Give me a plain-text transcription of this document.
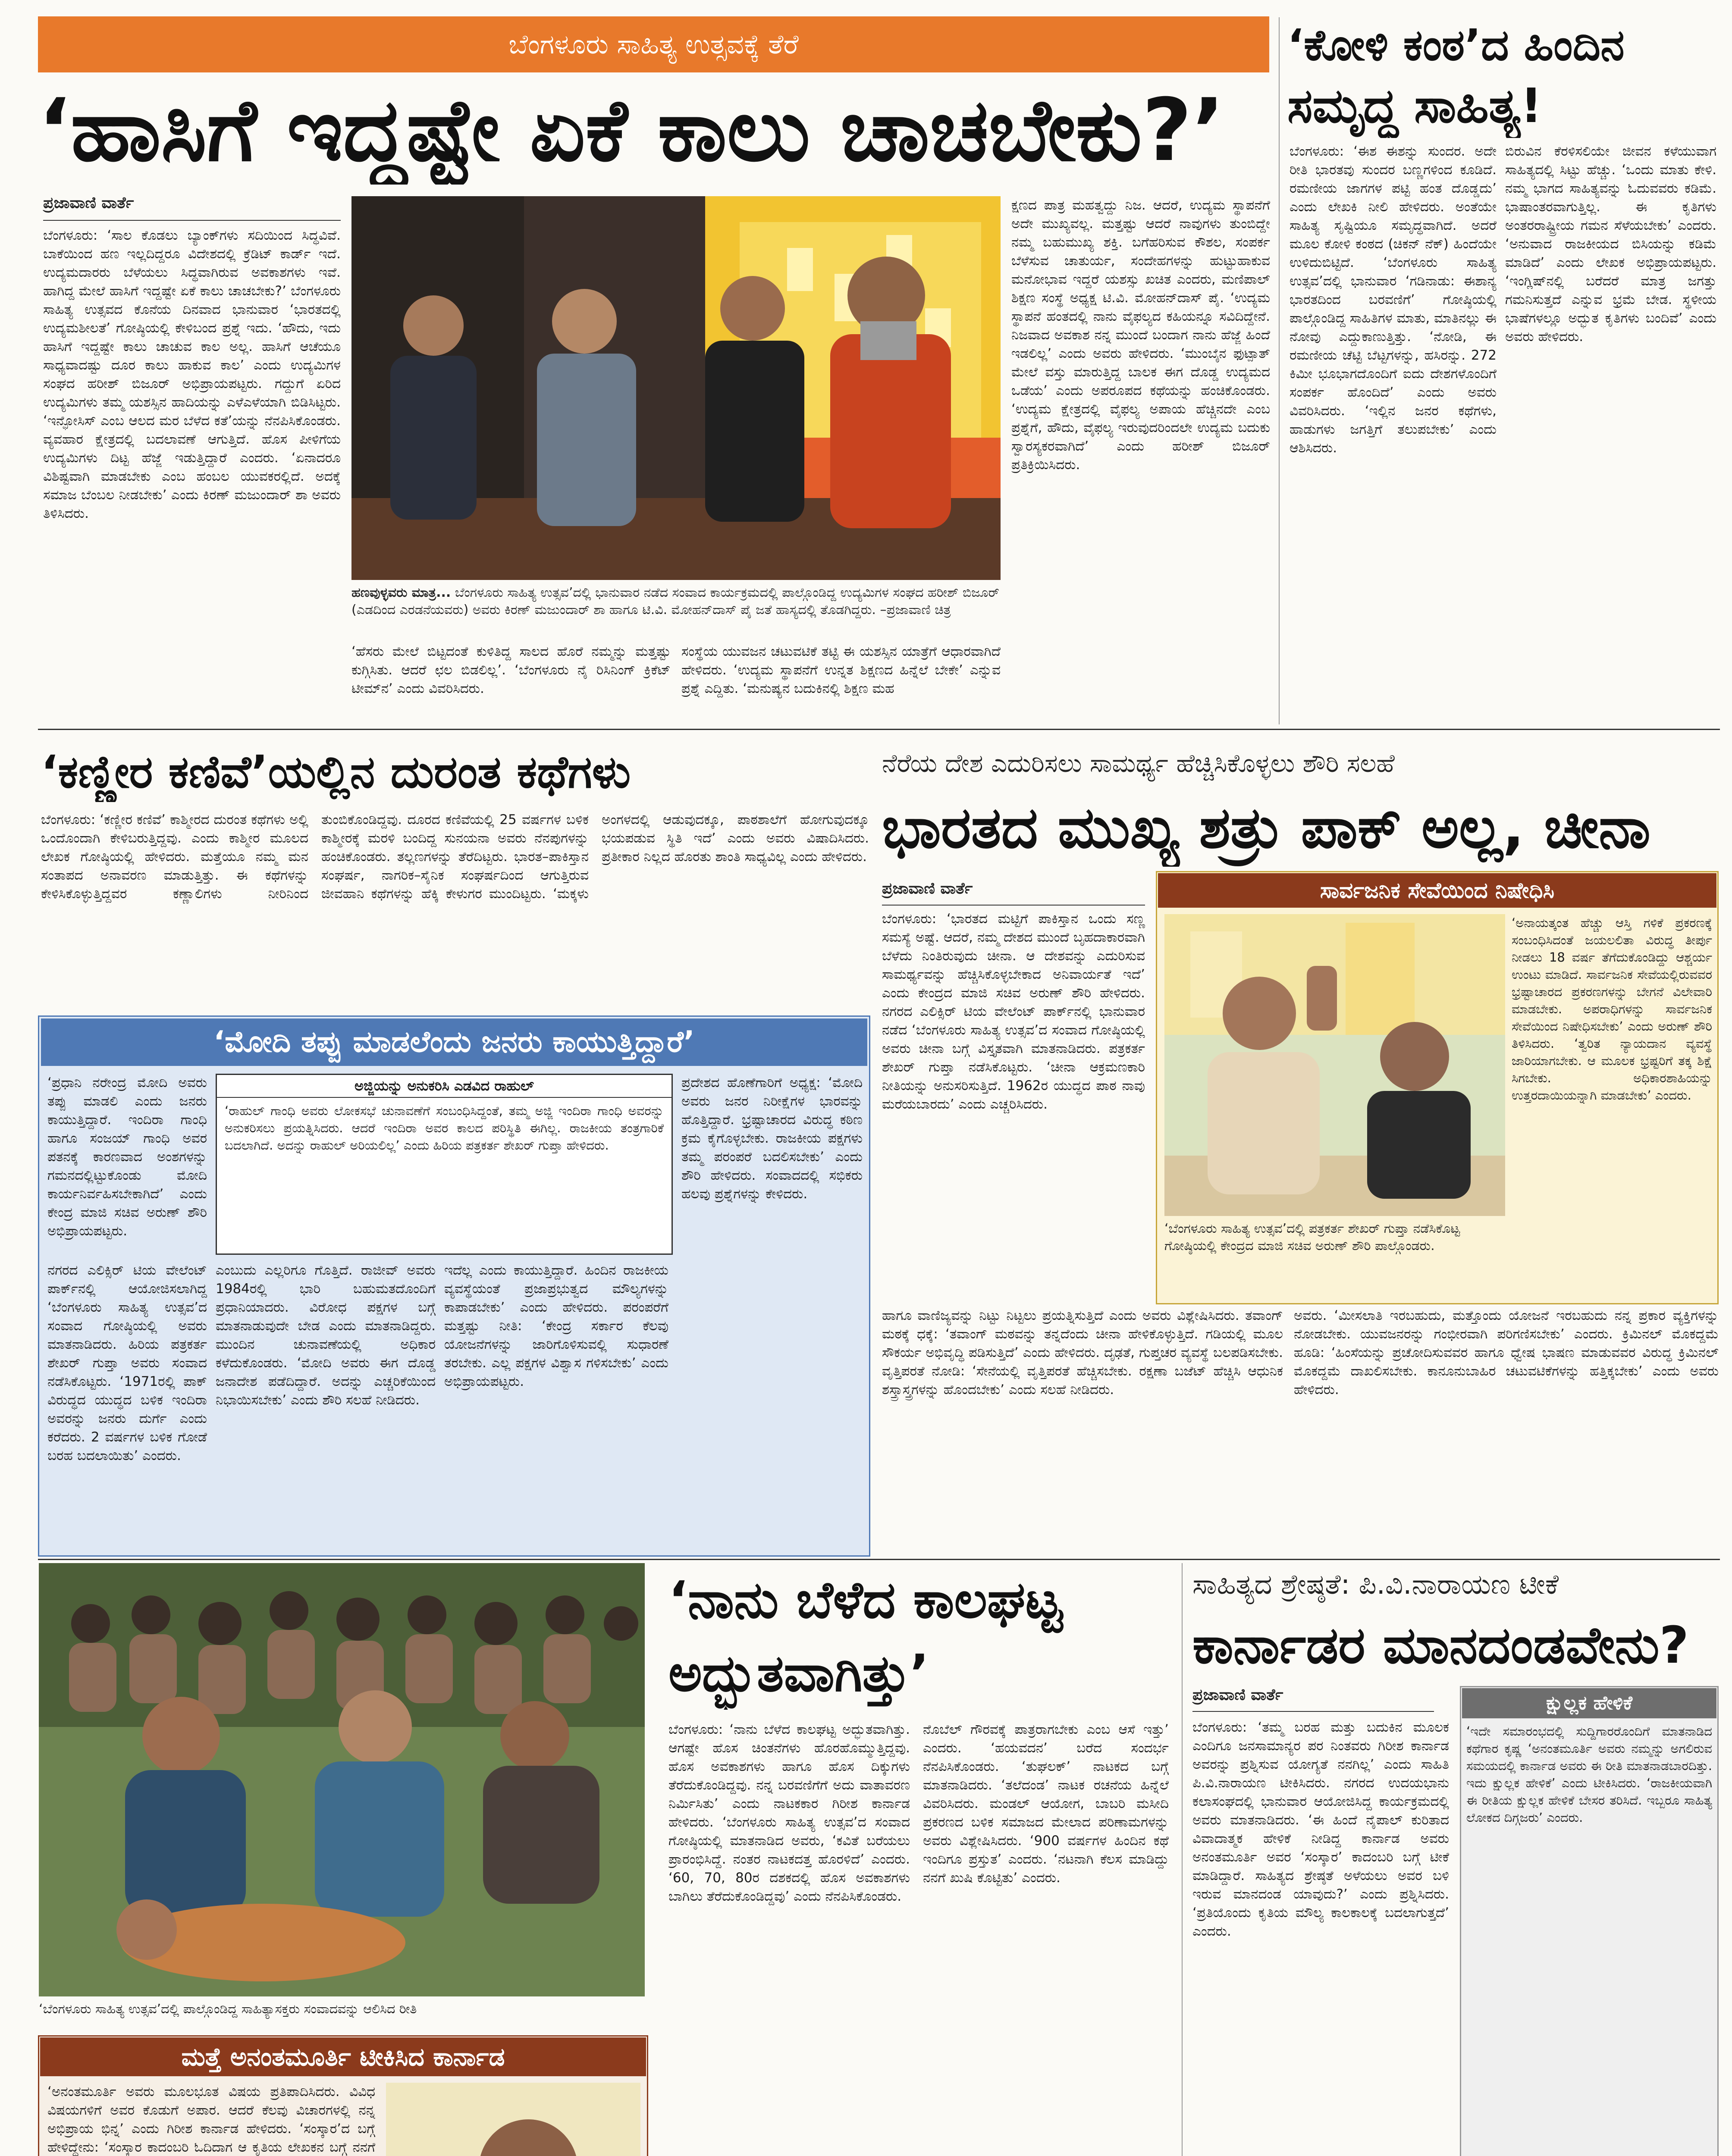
ಬೆಂಗಳೂರು ಸಾಹಿತ್ಯ ಉತ್ಸವಕ್ಕೆ ತೆರೆ
‘ಹಾಸಿಗೆ ಇದ್ದಷ್ಟೇ ಏಕೆ ಕಾಲು ಚಾಚಬೇಕು?’
ಪ್ರಜಾವಾಣಿ ವಾರ್ತೆ
ಬೆಂಗಳೂರು: ‘ಸಾಲ ಕೊಡಲು ಬ್ಯಾಂಕ್‌ಗಳು ಸದಿಯಿಂದ ಸಿದ್ಧವಿವೆ. ಬಾಕೆಯಿಂದ ಹಣ ಇಲ್ಲದಿದ್ದರೂ ವಿದೇಶದಲ್ಲಿ ಕ್ರೆಡಿಟ್ ಕಾರ್ಡ್ ಇದೆ. ಉದ್ಯಮದಾರರು ಬೆಳೆಯಲು ಸಿದ್ಧವಾಗಿರುವ ಅವಕಾಶಗಳು ಇವೆ. ಹಾಗಿದ್ದ ಮೇಲೆ ಹಾಸಿಗೆ ಇದ್ದಷ್ಟೇ ಏಕೆ ಕಾಲು ಚಾಚಬೇಕು?’ ಬೆಂಗಳೂರು ಸಾಹಿತ್ಯ ಉತ್ಸವದ ಕೊನೆಯ ದಿನವಾದ ಭಾನುವಾರ ‘ಭಾರತದಲ್ಲಿ ಉದ್ಯಮಶೀಲತೆ’ ಗೋಷ್ಠಿಯಲ್ಲಿ ಕೇಳಿಬಂದ ಪ್ರಶ್ನೆ ಇದು. ‘ಹೌದು, ಇದು ಹಾಸಿಗೆ ಇದ್ದಷ್ಟೇ ಕಾಲು ಚಾಚುವ ಕಾಲ ಅಲ್ಲ. ಹಾಸಿಗೆ ಆಚೆಯೂ ಸಾಧ್ಯವಾದಷ್ಟು ದೂರ ಕಾಲು ಹಾಕುವ ಕಾಲ’ ಎಂದು ಉದ್ಯಮಿಗಳ ಸಂಘದ ಹರೀಶ್ ಬಿಜೂರ್ ಅಭಿಪ್ರಾಯಪಟ್ಟರು. ಗದ್ದುಗೆ ಏರಿದ ಉದ್ಯಮಿಗಳು ತಮ್ಮ ಯಶಸ್ಸಿನ ಹಾದಿಯನ್ನು ಎಳೆಎಳೆಯಾಗಿ ಬಿಡಿಸಿಟ್ಟರು. ‘ಇನ್ಫೋಸಿಸ್ ಎಂಬ ಆಲದ ಮರ ಬೆಳೆದ ಕತೆ’ಯನ್ನು ನೆನಪಿಸಿಕೊಂಡರು. ವ್ಯವಹಾರ ಕ್ಷೇತ್ರದಲ್ಲಿ ಬದಲಾವಣೆ ಆಗುತ್ತಿದೆ. ಹೊಸ ಪೀಳಿಗೆಯ ಉದ್ಯಮಿಗಳು ದಿಟ್ಟ ಹೆಜ್ಜೆ ಇಡುತ್ತಿದ್ದಾರೆ ಎಂದರು. ‘ಏನಾದರೂ ವಿಶಿಷ್ಟವಾಗಿ ಮಾಡಬೇಕು ಎಂಬ ಹಂಬಲ ಯುವಕರಲ್ಲಿದೆ. ಅದಕ್ಕೆ ಸಮಾಜ ಬೆಂಬಲ ನೀಡಬೇಕು’ ಎಂದು ಕಿರಣ್ ಮಜುಂದಾರ್ ಶಾ ಅವರು ತಿಳಿಸಿದರು.
ಹಣವುಳ್ಳವರು ಮಾತ್ರ... ಬೆಂಗಳೂರು ಸಾಹಿತ್ಯ ಉತ್ಸವ’ದಲ್ಲಿ ಭಾನುವಾರ ನಡೆದ ಸಂವಾದ ಕಾರ್ಯಕ್ರಮದಲ್ಲಿ ಪಾಲ್ಗೊಂಡಿದ್ದ ಉದ್ಯಮಿಗಳ ಸಂಘದ ಹರೀಶ್ ಬಿಜೂರ್ (ಎಡದಿಂದ ಎರಡನೆಯವರು) ಅವರು ಕಿರಣ್ ಮಜುಂದಾರ್ ಶಾ ಹಾಗೂ ಟಿ.ವಿ. ಮೋಹನ್‌ದಾಸ್ ಪೈ ಜತೆ ಹಾಸ್ಯದಲ್ಲಿ ತೊಡಗಿದ್ದರು. –ಪ್ರಜಾವಾಣಿ ಚಿತ್ರ
‘ಹೆಸರು ಮೇಲೆ ಬಿಟ್ಟದಂತೆ ಕುಳಿತಿದ್ದ ಸಾಲದ ಹೊರೆ ನಮ್ಮನ್ನು ಮತ್ತಷ್ಟು ಕುಗ್ಗಿಸಿತು. ಆದರೆ ಛಲ ಬಿಡಲಿಲ್ಲ’. ‘ಬೆಂಗಳೂರು ನೈ ರಿಸಿನಿಂಗ್ ಕ್ರಿಕೆಟ್ ಟೀಮ್‌ನ’ ಎಂದು ವಿವರಿಸಿದರು.
ಸಂಸ್ಥೆಯ ಯುವಜನ ಚಟುವಟಿಕೆ ತಟ್ಟಿ ಈ ಯಶಸ್ಸಿನ ಯಾತ್ರೆಗೆ ಆಧಾರವಾಗಿದೆ ಹೇಳಿದರು. ‘ಉದ್ಯಮ ಸ್ಥಾಪನೆಗೆ ಉನ್ನತ ಶಿಕ್ಷಣದ ಹಿನ್ನೆಲೆ ಬೇಕೇ’ ಎನ್ನುವ ಪ್ರಶ್ನೆ ಎದ್ದಿತು. ‘ಮನುಷ್ಯನ ಬದುಕಿನಲ್ಲಿ ಶಿಕ್ಷಣ ಮಹ
ಕ್ಷಣದ ಪಾತ್ರ ಮಹತ್ವದ್ದು ನಿಜ. ಆದರೆ, ಉದ್ಯಮ ಸ್ಥಾಪನೆಗೆ ಅದೇ ಮುಖ್ಯವಲ್ಲ. ಮತ್ತಷ್ಟು ಆದರೆ ನಾವುಗಳು ತುಂಬಿದ್ದೇ ನಮ್ಮ ಬಹುಮುಖ್ಯ ಶಕ್ತಿ. ಬಗೆಹರಿಸುವ ಕೌಶಲ, ಸಂಪರ್ಕ ಬೆಳೆಸುವ ಚಾತುರ್ಯ, ಸಂದೇಹಗಳನ್ನು ಹುಟ್ಟುಹಾಕುವ ಮನೋಭಾವ ಇದ್ದರೆ ಯಶಸ್ಸು ಖಚಿತ ಎಂದರು, ಮಣಿಪಾಲ್ ಶಿಕ್ಷಣ ಸಂಸ್ಥೆ ಅಧ್ಯಕ್ಷ ಟಿ.ವಿ. ಮೋಹನ್‌ದಾಸ್ ಪೈ. ‘ಉದ್ಯಮ ಸ್ಥಾಪನೆ ಹಂತದಲ್ಲಿ ನಾನು ವೈಫಲ್ಯದ ಕಹಿಯನ್ನೂ ಸವಿದಿದ್ದೇನೆ. ನಿಜವಾದ ಅವಕಾಶ ನನ್ನ ಮುಂದೆ ಬಂದಾಗ ನಾನು ಹೆಜ್ಜೆ ಹಿಂದೆ ಇಡಲಿಲ್ಲ’ ಎಂದು ಅವರು ಹೇಳಿದರು. ‘ಮುಂಬೈನ ಫುಟ್ಪಾತ್ ಮೇಲೆ ವಸ್ತು ಮಾರುತ್ತಿದ್ದ ಬಾಲಕ ಈಗ ದೊಡ್ಡ ಉದ್ಯಮದ ಒಡೆಯ’ ಎಂದು ಅಪರೂಪದ ಕಥೆಯನ್ನು ಹಂಚಿಕೊಂಡರು. ‘ಉದ್ಯಮ ಕ್ಷೇತ್ರದಲ್ಲಿ ವೈಫಲ್ಯ ಅಪಾಯ ಹೆಚ್ಚಿನದೇ ಎಂಬ ಪ್ರಶ್ನೆಗೆ, ಹೌದು, ವೈಫಲ್ಯ ಇರುವುದರಿಂದಲೇ ಉದ್ಯಮ ಬದುಕು ಸ್ವಾರಸ್ಯಕರವಾಗಿದೆ’ ಎಂದು ಹರೀಶ್ ಬಿಜೂರ್ ಪ್ರತಿಕ್ರಿಯಿಸಿದರು.
‘ಕೋಳಿ ಕಂಠ’ದ ಹಿಂದಿನ
ಸಮೃದ್ಧ ಸಾಹಿತ್ಯ!
ಬೆಂಗಳೂರು: ‘ಈಶ ಈಶನ್ನು ಸುಂದರ. ಅದೇ ರೀತಿ ಭಾರತವು ಸುಂದರ ಬಣ್ಣಗಳಿಂದ ಕೂಡಿದೆ. ರಮಣೀಯ ಜಾಗಗಳ ಪಟ್ಟಿ ಹಂತ ದೊಡ್ಡದು’ ಎಂದು ಲೇಖಕಿ ನೀಲಿ ಹೇಳಿದರು. ಅಂತೆಯೇ ಸಾಹಿತ್ಯ ಸೃಷ್ಟಿಯೂ ಸಮೃದ್ಧವಾಗಿದೆ. ಅದರೆ ಮೂಲ ಕೋಳಿ ಕಂಠದ (ಚಿಕನ್ ನೆಕ್) ಹಿಂದೆಯೇ ಉಳಿದುಬಿಟ್ಟಿದೆ. ‘ಬೆಂಗಳೂರು ಸಾಹಿತ್ಯ ಉತ್ಸವ’ದಲ್ಲಿ ಭಾನುವಾರ ‘ಗಡಿನಾಡು: ಈಶಾನ್ಯ ಭಾರತದಿಂದ ಬರವಣಿಗೆ’ ಗೋಷ್ಠಿಯಲ್ಲಿ ಪಾಲ್ಗೊಂಡಿದ್ದ ಸಾಹಿತಿಗಳ ಮಾತು, ಮಾತಿನಲ್ಲು ಈ ನೋವು ಎದ್ದುಕಾಣುತ್ತಿತ್ತು. ‘ನೋಡಿ, ಈ ರಮಣೀಯ ಚೆಟ್ಟಿ ಬೆಟ್ಟಗಳನ್ನು, ಹಸಿರನ್ನು. 272 ಕಿಮೀ ಭೂಭಾಗದೊಂದಿಗೆ ಐದು ದೇಶಗಳೊಂದಿಗೆ ಸಂಪರ್ಕ ಹೊಂದಿದೆ’ ಎಂದು ಅವರು ವಿವರಿಸಿದರು. ‘ಇಲ್ಲಿನ ಜನರ ಕಥೆಗಳು, ಹಾಡುಗಳು ಜಗತ್ತಿಗೆ ತಲುಪಬೇಕು’ ಎಂದು ಆಶಿಸಿದರು.
ಬಿರುವಿನ ಕೆರಳಿಸಲಿಯೇ ಜೀವನ ಕಳೆಯುವಾಗ ಸಾಹಿತ್ಯದಲ್ಲಿ ಸಿಟ್ಟು ಹೆಚ್ಚು. ‘ಒಂದು ಮಾತು ಕೇಳಿ. ನಮ್ಮ ಭಾಗದ ಸಾಹಿತ್ಯವನ್ನು ಓದುವವರು ಕಡಿಮೆ. ಭಾಷಾಂತರವಾಗುತ್ತಿಲ್ಲ. ಈ ಕೃತಿಗಳು ಅಂತರರಾಷ್ಟ್ರೀಯ ಗಮನ ಸೆಳೆಯಬೇಕು’ ಎಂದರು. ‘ಅನುವಾದ ರಾಜಕೀಯದ ಬಿಸಿಯನ್ನು ಕಡಿಮೆ ಮಾಡಿದೆ’ ಎಂದು ಲೇಖಕ ಅಭಿಪ್ರಾಯಪಟ್ಟರು. ‘ಇಂಗ್ಲಿಷ್‌ನಲ್ಲಿ ಬರೆದರೆ ಮಾತ್ರ ಜಗತ್ತು ಗಮನಿಸುತ್ತದೆ ಎನ್ನುವ ಭ್ರಮೆ ಬೇಡ. ಸ್ಥಳೀಯ ಭಾಷೆಗಳಲ್ಲೂ ಅದ್ಭುತ ಕೃತಿಗಳು ಬಂದಿವೆ’ ಎಂದು ಅವರು ಹೇಳಿದರು.
‘ಕಣ್ಣೀರ ಕಣಿವೆ’ಯಲ್ಲಿನ ದುರಂತ ಕಥೆಗಳು
ಬೆಂಗಳೂರು: ‘ಕಣ್ಣೀರ ಕಣಿವೆ’ ಕಾಶ್ಮೀರದ ದುರಂತ ಕಥೆಗಳು ಅಲ್ಲಿ ಒಂದೊಂದಾಗಿ ಕೇಳಿಬರುತ್ತಿದ್ದವು. ಎಂದು ಕಾಶ್ಮೀರ ಮೂಲದ ಲೇಖಕ ಗೋಷ್ಠಿಯಲ್ಲಿ ಹೇಳಿದರು. ಮತ್ತೆಯೂ ನಮ್ಮ ಮನ ಸಂತಾಪದ ಅನಾವರಣ ಮಾಡುತ್ತಿತ್ತು. ಈ ಕಥೆಗಳನ್ನು ಕೇಳಿಸಿಕೊಳ್ಳುತ್ತಿದ್ದವರ ಕಣ್ಣಾಲಿಗಳು ನೀರಿನಿಂದ ತುಂಬಿಕೊಂಡಿದ್ದವು. ದೂರದ ಕಣಿವೆಯಲ್ಲಿ 25 ವರ್ಷಗಳ ಬಳಿಕ ಕಾಶ್ಮೀರಕ್ಕೆ ಮರಳಿ ಬಂದಿದ್ದ ಸುನಯನಾ ಅವರು ನೆನಪುಗಳನ್ನು ಹಂಚಿಕೊಂಡರು. ತಲ್ಲಣಗಳನ್ನು ತೆರೆದಿಟ್ಟರು. ಭಾರತ–ಪಾಕಿಸ್ತಾನ ಸಂಘರ್ಷ, ನಾಗರಿಕ–ಸೈನಿಕ ಸಂಘರ್ಷದಿಂದ ಆಗುತ್ತಿರುವ ಜೀವಹಾನಿ ಕಥೆಗಳನ್ನು ಹೆಕ್ಕಿ ಕೇಳುಗರ ಮುಂದಿಟ್ಟರು. ‘ಮಕ್ಕಳು ಅಂಗಳದಲ್ಲಿ ಆಡುವುದಕ್ಕೂ, ಪಾಠಶಾಲೆಗೆ ಹೋಗುವುದಕ್ಕೂ ಭಯಪಡುವ ಸ್ಥಿತಿ ಇದೆ’ ಎಂದು ಅವರು ವಿಷಾದಿಸಿದರು. ಪ್ರತೀಕಾರ ನಿಲ್ಲದ ಹೊರತು ಶಾಂತಿ ಸಾಧ್ಯವಿಲ್ಲ ಎಂದು ಹೇಳಿದರು.
‘ಮೋದಿ ತಪ್ಪು ಮಾಡಲೆಂದು ಜನರು ಕಾಯುತ್ತಿದ್ದಾರೆ’
‘ಪ್ರಧಾನಿ ನರೇಂದ್ರ ಮೋದಿ ಅವರು ತಪ್ಪು ಮಾಡಲಿ ಎಂದು ಜನರು ಕಾಯುತ್ತಿದ್ದಾರೆ. ಇಂದಿರಾ ಗಾಂಧಿ ಹಾಗೂ ಸಂಜಯ್ ಗಾಂಧಿ ಅವರ ಪತನಕ್ಕೆ ಕಾರಣವಾದ ಅಂಶಗಳನ್ನು ಗಮನದಲ್ಲಿಟ್ಟುಕೊಂಡು ಮೋದಿ ಕಾರ್ಯನಿರ್ವಹಿಸಬೇಕಾಗಿದೆ’ ಎಂದು ಕೇಂದ್ರ ಮಾಜಿ ಸಚಿವ ಅರುಣ್ ಶೌರಿ ಅಭಿಪ್ರಾಯಪಟ್ಟರು.
ಅಜ್ಜಿಯನ್ನು ಅನುಕರಿಸಿ ಎಡವಿದ ರಾಹುಲ್
‘ರಾಹುಲ್ ಗಾಂಧಿ ಅವರು ಲೋಕಸಭೆ ಚುನಾವಣೆಗೆ ಸಂಬಂಧಿಸಿದ್ದಂತೆ, ತಮ್ಮ ಅಜ್ಜಿ ಇಂದಿರಾ ಗಾಂಧಿ ಅವರನ್ನು ಅನುಕರಿಸಲು ಪ್ರಯತ್ನಿಸಿದರು. ಆದರೆ ಇಂದಿರಾ ಅವರ ಕಾಲದ ಪರಿಸ್ಥಿತಿ ಈಗಿಲ್ಲ. ರಾಜಕೀಯ ತಂತ್ರಗಾರಿಕೆ ಬದಲಾಗಿದೆ. ಅದನ್ನು ರಾಹುಲ್ ಅರಿಯಲಿಲ್ಲ’ ಎಂದು ಹಿರಿಯ ಪತ್ರಕರ್ತ ಶೇಖರ್ ಗುಪ್ತಾ ಹೇಳಿದರು.
ನಗರದ ಎಲಿಕ್ಸಿರ್ ಟಿಯ ವೇಲೆಂಟ್ ಪಾರ್ಕ್‌ನಲ್ಲಿ ಆಯೋಜಿಸಲಾಗಿದ್ದ ‘ಬೆಂಗಳೂರು ಸಾಹಿತ್ಯ ಉತ್ಸವ’ದ ಸಂವಾದ ಗೋಷ್ಠಿಯಲ್ಲಿ ಅವರು ಮಾತನಾಡಿದರು. ಹಿರಿಯ ಪತ್ರಕರ್ತ ಶೇಖರ್ ಗುಪ್ತಾ ಅವರು ಸಂವಾದ ನಡೆಸಿಕೊಟ್ಟರು. ‘1971ರಲ್ಲಿ ಪಾಕ್ ವಿರುದ್ಧದ ಯುದ್ಧದ ಬಳಿಕ ಇಂದಿರಾ ಅವರನ್ನು ಜನರು ದುರ್ಗೆ ಎಂದು ಕರೆದರು. 2 ವರ್ಷಗಳ ಬಳಿಕ ಗೋಡೆ ಬರಹ ಬದಲಾಯಿತು’ ಎಂದರು.
ಎಂಬುದು ಎಲ್ಲರಿಗೂ ಗೊತ್ತಿದೆ. ರಾಜೀವ್ ಅವರು 1984ರಲ್ಲಿ ಭಾರಿ ಬಹುಮತದೊಂದಿಗೆ ಪ್ರಧಾನಿಯಾದರು. ವಿರೋಧ ಪಕ್ಷಗಳ ಬಗ್ಗೆ ಮಾತನಾಡುವುದೇ ಬೇಡ ಎಂದು ಮಾತನಾಡಿದ್ದರು. ಮುಂದಿನ ಚುನಾವಣೆಯಲ್ಲಿ ಅಧಿಕಾರ ಕಳೆದುಕೊಂಡರು. ‘ಮೋದಿ ಅವರು ಈಗ ದೊಡ್ಡ ಜನಾದೇಶ ಪಡೆದಿದ್ದಾರೆ. ಅದನ್ನು ಎಚ್ಚರಿಕೆಯಿಂದ ನಿಭಾಯಿಸಬೇಕು’ ಎಂದು ಶೌರಿ ಸಲಹೆ ನೀಡಿದರು.
ಇದೆಲ್ಲ ಎಂದು ಕಾಯುತ್ತಿದ್ದಾರೆ. ಹಿಂದಿನ ರಾಜಕೀಯ ವ್ಯವಸ್ಥೆಯಂತೆ ಪ್ರಜಾಪ್ರಭುತ್ವದ ಮೌಲ್ಯಗಳನ್ನು ಕಾಪಾಡಬೇಕು’ ಎಂದು ಹೇಳಿದರು. ಪರಂಪರೆಗೆ ಮತ್ತಷ್ಟು ನೀತಿ: ‘ಕೇಂದ್ರ ಸರ್ಕಾರ ಕೆಲವು ಯೋಜನೆಗಳನ್ನು ಜಾರಿಗೊಳಿಸುವಲ್ಲಿ ಸುಧಾರಣೆ ತರಬೇಕು. ಎಲ್ಲ ಪಕ್ಷಗಳ ವಿಶ್ವಾಸ ಗಳಿಸಬೇಕು’ ಎಂದು ಅಭಿಪ್ರಾಯಪಟ್ಟರು.
ಪ್ರದೇಶದ ಹೊಣೆಗಾರಿಗೆ ಅಧ್ಯಕ್ಷ: ‘ಮೋದಿ ಅವರು ಜನರ ನಿರೀಕ್ಷೆಗಳ ಭಾರವನ್ನು ಹೊತ್ತಿದ್ದಾರೆ. ಭ್ರಷ್ಟಾಚಾರದ ವಿರುದ್ಧ ಕಠಿಣ ಕ್ರಮ ಕೈಗೊಳ್ಳಬೇಕು. ರಾಜಕೀಯ ಪಕ್ಷಗಳು ತಮ್ಮ ಪರಂಪರೆ ಬದಲಿಸಬೇಕು’ ಎಂದು ಶೌರಿ ಹೇಳಿದರು. ಸಂವಾದದಲ್ಲಿ ಸಭಿಕರು ಹಲವು ಪ್ರಶ್ನೆಗಳನ್ನು ಕೇಳಿದರು.
ನೆರೆಯ ದೇಶ ಎದುರಿಸಲು ಸಾಮರ್ಥ್ಯ ಹೆಚ್ಚಿಸಿಕೊಳ್ಳಲು ಶೌರಿ ಸಲಹೆ
ಭಾರತದ ಮುಖ್ಯ ಶತ್ರು ಪಾಕ್ ಅಲ್ಲ, ಚೀನಾ
ಪ್ರಜಾವಾಣಿ ವಾರ್ತೆ
ಬೆಂಗಳೂರು: ‘ಭಾರತದ ಮಟ್ಟಿಗೆ ಪಾಕಿಸ್ತಾನ ಒಂದು ಸಣ್ಣ ಸಮಸ್ಯೆ ಅಷ್ಟೆ. ಆದರೆ, ನಮ್ಮ ದೇಶದ ಮುಂದೆ ಬೃಹದಾಕಾರವಾಗಿ ಬೆಳೆದು ನಿಂತಿರುವುದು ಚೀನಾ. ಆ ದೇಶವನ್ನು ಎದುರಿಸುವ ಸಾಮರ್ಥ್ಯವನ್ನು ಹೆಚ್ಚಿಸಿಕೊಳ್ಳಬೇಕಾದ ಅನಿವಾರ್ಯತೆ ಇದೆ’ ಎಂದು ಕೇಂದ್ರದ ಮಾಜಿ ಸಚಿವ ಅರುಣ್ ಶೌರಿ ಹೇಳಿದರು. ನಗರದ ಎಲಿಕ್ಸಿರ್ ಟಿಯ ವೇಲೆಂಟ್ ಪಾರ್ಕ್‌ನಲ್ಲಿ ಭಾನುವಾರ ನಡೆದ ‘ಬೆಂಗಳೂರು ಸಾಹಿತ್ಯ ಉತ್ಸವ’ದ ಸಂವಾದ ಗೋಷ್ಠಿಯಲ್ಲಿ ಅವರು ಚೀನಾ ಬಗ್ಗೆ ವಿಸ್ತೃತವಾಗಿ ಮಾತನಾಡಿದರು. ಪತ್ರಕರ್ತ ಶೇಖರ್ ಗುಪ್ತಾ ನಡೆಸಿಕೊಟ್ಟರು. ‘ಚೀನಾ ಆಕ್ರಮಣಕಾರಿ ನೀತಿಯನ್ನು ಅನುಸರಿಸುತ್ತಿದೆ. 1962ರ ಯುದ್ಧದ ಪಾಠ ನಾವು ಮರೆಯಬಾರದು’ ಎಂದು ಎಚ್ಚರಿಸಿದರು.
ಸಾರ್ವಜನಿಕ ಸೇವೆಯಿಂದ ನಿಷೇಧಿಸಿ
‘ಅನಾಯತ್ಕಂತ ಹೆಚ್ಚು ಆಸ್ತಿ ಗಳಿಕೆ ಪ್ರಕರಣಕ್ಕೆ ಸಂಬಂಧಿಸಿದಂತೆ ಜಯಲಲಿತಾ ವಿರುದ್ಧ ತೀರ್ಪು ನೀಡಲು 18 ವರ್ಷ ತೆಗೆದುಕೊಂಡಿದ್ದು ಆಶ್ಚರ್ಯ ಉಂಟು ಮಾಡಿದೆ. ಸಾರ್ವಜನಿಕ ಸೇವೆಯಲ್ಲಿರುವವರ ಭ್ರಷ್ಟಾಚಾರದ ಪ್ರಕರಣಗಳನ್ನು ಬೇಗನೆ ವಿಲೇವಾರಿ ಮಾಡಬೇಕು. ಅಪರಾಧಿಗಳನ್ನು ಸಾರ್ವಜನಿಕ ಸೇವೆಯಿಂದ ನಿಷೇಧಿಸಬೇಕು’ ಎಂದು ಅರುಣ್ ಶೌರಿ ತಿಳಿಸಿದರು. ‘ತ್ವರಿತ ನ್ಯಾಯದಾನ ವ್ಯವಸ್ಥೆ ಜಾರಿಯಾಗಬೇಕು. ಆ ಮೂಲಕ ಭ್ರಷ್ಟರಿಗೆ ತಕ್ಕ ಶಿಕ್ಷೆ ಸಿಗಬೇಕು. ಅಧಿಕಾರಶಾಹಿಯನ್ನು ಉತ್ತರದಾಯಿಯನ್ನಾಗಿ ಮಾಡಬೇಕು’ ಎಂದರು.
‘ಬೆಂಗಳೂರು ಸಾಹಿತ್ಯ ಉತ್ಸವ’ದಲ್ಲಿ ಪತ್ರಕರ್ತ ಶೇಖರ್ ಗುಪ್ತಾ ನಡೆಸಿಕೊಟ್ಟ ಗೋಷ್ಠಿಯಲ್ಲಿ ಕೇಂದ್ರದ ಮಾಜಿ ಸಚಿವ ಅರುಣ್ ಶೌರಿ ಪಾಲ್ಗೊಂಡರು.
ಹಾಗೂ ವಾಣಿಜ್ಯವನ್ನು ನಿಟ್ಟು ನಿಟ್ಟಲು ಪ್ರಯತ್ನಿಸುತ್ತಿದೆ ಎಂದು ಅವರು ವಿಶ್ಲೇಷಿಸಿದರು. ತವಾಂಗ್ ಮಠಕ್ಕೆ ಧಕ್ಕೆ: ‘ತವಾಂಗ್ ಮಠವನ್ನು ತನ್ನದೆಂದು ಚೀನಾ ಹೇಳಿಕೊಳ್ಳುತ್ತಿದೆ. ಗಡಿಯಲ್ಲಿ ಮೂಲ ಸೌಕರ್ಯ ಅಭಿವೃದ್ಧಿ ಪಡಿಸುತ್ತಿದೆ’ ಎಂದು ಹೇಳಿದರು. ದೃಢತೆ, ಗುಪ್ತಚರ ವ್ಯವಸ್ಥೆ ಬಲಪಡಿಸಬೇಕು. ವೃತ್ತಿಪರತೆ ನೋಡಿ: ‘ಸೇನೆಯಲ್ಲಿ ವೃತ್ತಿಪರತೆ ಹೆಚ್ಚಿಸಬೇಕು. ರಕ್ಷಣಾ ಬಜೆಟ್ ಹೆಚ್ಚಿಸಿ ಆಧುನಿಕ ಶಸ್ತ್ರಾಸ್ತ್ರಗಳನ್ನು ಹೊಂದಬೇಕು’ ಎಂದು ಸಲಹೆ ನೀಡಿದರು.
ಅವರು. ‘ಮೀಸಲಾತಿ ಇರಬಹುದು, ಮತ್ತೊಂದು ಯೋಜನೆ ಇರಬಹುದು ನನ್ನ ಪ್ರಕಾರ ವ್ಯಕ್ತಿಗಳನ್ನು ನೋಡಬೇಕು. ಯುವಜನರನ್ನು ಗಂಭೀರವಾಗಿ ಪರಿಗಣಿಸಬೇಕು’ ಎಂದರು. ಕ್ರಿಮಿನಲ್ ಮೊಕದ್ದಮೆ ಹೂಡಿ: ‘ಹಿಂಸೆಯನ್ನು ಪ್ರಚೋದಿಸುವವರ ಹಾಗೂ ಧ್ವೇಷ ಭಾಷಣ ಮಾಡುವವರ ವಿರುದ್ಧ ಕ್ರಿಮಿನಲ್ ಮೊಕದ್ದಮೆ ದಾಖಲಿಸಬೇಕು. ಕಾನೂನುಬಾಹಿರ ಚಟುವಟಿಕೆಗಳನ್ನು ಹತ್ತಿಕ್ಕಬೇಕು’ ಎಂದು ಅವರು ಹೇಳಿದರು.
‘ಬೆಂಗಳೂರು ಸಾಹಿತ್ಯ ಉತ್ಸವ’ದಲ್ಲಿ ಪಾಲ್ಗೊಂಡಿದ್ದ ಸಾಹಿತ್ಯಾಸಕ್ತರು ಸಂವಾದವನ್ನು ಆಲಿಸಿದ ರೀತಿ
‘ನಾನು ಬೆಳೆದ ಕಾಲಘಟ್ಟ
ಅದ್ಭುತವಾಗಿತ್ತು’
ಬೆಂಗಳೂರು: ‘ನಾನು ಬೆಳೆದ ಕಾಲಘಟ್ಟ ಅದ್ಭುತವಾಗಿತ್ತು. ಆಗಷ್ಟೇ ಹೊಸ ಚಿಂತನೆಗಳು ಹೊರಹೊಮ್ಮುತ್ತಿದ್ದವು. ಹೊಸ ಅವಕಾಶಗಳು ಹಾಗೂ ಹೊಸ ದಿಕ್ಕುಗಳು ತೆರೆದುಕೊಂಡಿದ್ದವು. ನನ್ನ ಬರವಣಿಗೆಗೆ ಅದು ವಾತಾವರಣ ನಿರ್ಮಿಸಿತು’ ಎಂದು ನಾಟಕಕಾರ ಗಿರೀಶ ಕಾರ್ನಾಡ ಹೇಳಿದರು. ‘ಬೆಂಗಳೂರು ಸಾಹಿತ್ಯ ಉತ್ಸವ’ದ ಸಂವಾದ ಗೋಷ್ಠಿಯಲ್ಲಿ ಮಾತನಾಡಿದ ಅವರು, ‘ಕವಿತೆ ಬರೆಯಲು ಪ್ರಾರಂಭಿಸಿದ್ದೆ. ನಂತರ ನಾಟಕದತ್ತ ಹೊರಳಿದೆ’ ಎಂದರು. ‘60, 70, 80ರ ದಶಕದಲ್ಲಿ ಹೊಸ ಅವಕಾಶಗಳು ಬಾಗಿಲು ತೆರೆದುಕೊಂಡಿದ್ದವು’ ಎಂದು ನೆನಪಿಸಿಕೊಂಡರು.
ನೊಬೆಲ್ ಗೌರವಕ್ಕೆ ಪಾತ್ರರಾಗಬೇಕು ಎಂಬ ಆಸೆ ಇತ್ತು’ ಎಂದರು. ‘ಹಯವದನ’ ಬರೆದ ಸಂದರ್ಭ ನೆನಪಿಸಿಕೊಂಡರು. ‘ತುಘಲಕ್’ ನಾಟಕದ ಬಗ್ಗೆ ಮಾತನಾಡಿದರು. ‘ತಲೆದಂಡ’ ನಾಟಕ ರಚನೆಯ ಹಿನ್ನೆಲೆ ವಿವರಿಸಿದರು. ಮಂಡಲ್ ಆಯೋಗ, ಬಾಬರಿ ಮಸೀದಿ ಪ್ರಕರಣದ ಬಳಿಕ ಸಮಾಜದ ಮೇಲಾದ ಪರಿಣಾಮಗಳನ್ನು ಅವರು ವಿಶ್ಲೇಷಿಸಿದರು. ‘900 ವರ್ಷಗಳ ಹಿಂದಿನ ಕಥೆ ಇಂದಿಗೂ ಪ್ರಸ್ತುತ’ ಎಂದರು. ‘ನಟನಾಗಿ ಕೆಲಸ ಮಾಡಿದ್ದು ನನಗೆ ಖುಷಿ ಕೊಟ್ಟಿತು’ ಎಂದರು.
ಮತ್ತೆ ಅನಂತಮೂರ್ತಿ ಟೀಕಿಸಿದ ಕಾರ್ನಾಡ
‘ಅನಂತಮೂರ್ತಿ ಅವರು ಮೂಲಭೂತ ವಿಷಯ ಪ್ರತಿಪಾದಿಸಿದರು. ವಿವಿಧ ವಿಷಯಗಳಿಗೆ ಅವರ ಕೊಡುಗೆ ಅಪಾರ. ಆದರೆ ಕೆಲವು ವಿಚಾರಗಳಲ್ಲಿ ನನ್ನ ಅಭಿಪ್ರಾಯ ಭಿನ್ನ’ ಎಂದು ಗಿರೀಶ ಕಾರ್ನಾಡ ಹೇಳಿದರು. ‘ಸಂಸ್ಕಾರ’ದ ಬಗ್ಗೆ ಹೇಳಿದ್ದೇನು: ‘ಸಂಸ್ಕಾರ ಕಾದಂಬರಿ ಓದಿದಾಗ ಆ ಕೃತಿಯ ಲೇಖಕನ ಬಗ್ಗೆ ನನಗೆ
ಸಾಹಿತ್ಯದ ಶ್ರೇಷ್ಠತೆ: ಪಿ.ವಿ.ನಾರಾಯಣ ಟೀಕೆ
ಕಾರ್ನಾಡರ ಮಾನದಂಡವೇನು?
ಪ್ರಜಾವಾಣಿ ವಾರ್ತೆ
ಬೆಂಗಳೂರು: ‘ತಮ್ಮ ಬರಹ ಮತ್ತು ಬದುಕಿನ ಮೂಲಕ ಎಂದಿಗೂ ಜನಸಾಮಾನ್ಯರ ಪರ ನಿಂತವರು ಗಿರೀಶ ಕಾರ್ನಾಡ ಅವರನ್ನು ಪ್ರಶ್ನಿಸುವ ಯೋಗ್ಯತೆ ನನಗಿಲ್ಲ’ ಎಂದು ಸಾಹಿತಿ ಪಿ.ವಿ.ನಾರಾಯಣ ಟೀಕಿಸಿದರು. ನಗರದ ಉದಯಭಾನು ಕಲಾಸಂಘದಲ್ಲಿ ಭಾನುವಾರ ಆಯೋಜಿಸಿದ್ದ ಕಾರ್ಯಕ್ರಮದಲ್ಲಿ ಅವರು ಮಾತನಾಡಿದರು. ‘ಈ ಹಿಂದೆ ನೈಪಾಲ್ ಕುರಿತಾದ ವಿವಾದಾತ್ಮಕ ಹೇಳಿಕೆ ನೀಡಿದ್ದ ಕಾರ್ನಾಡ ಅವರು ಅನಂತಮೂರ್ತಿ ಅವರ ‘ಸಂಸ್ಕಾರ’ ಕಾದಂಬರಿ ಬಗ್ಗೆ ಟೀಕೆ ಮಾಡಿದ್ದಾರೆ. ಸಾಹಿತ್ಯದ ಶ್ರೇಷ್ಠತೆ ಅಳೆಯಲು ಅವರ ಬಳಿ ಇರುವ ಮಾನದಂಡ ಯಾವುದು?’ ಎಂದು ಪ್ರಶ್ನಿಸಿದರು. ‘ಪ್ರತಿಯೊಂದು ಕೃತಿಯ ಮೌಲ್ಯ ಕಾಲಕಾಲಕ್ಕೆ ಬದಲಾಗುತ್ತದೆ’ ಎಂದರು.
ಕ್ಷುಲ್ಲಕ ಹೇಳಿಕೆ
‘ಇದೇ ಸಮಾರಂಭದಲ್ಲಿ ಸುದ್ದಿಗಾರರೊಂದಿಗೆ ಮಾತನಾಡಿದ ಕಥೆಗಾರ ಕೃಷ್ಣ ‘ಅನಂತಮೂರ್ತಿ ಅವರು ನಮ್ಮನ್ನು ಅಗಲಿರುವ ಸಮಯದಲ್ಲಿ ಕಾರ್ನಾಡ ಅವರು ಈ ರೀತಿ ಮಾತನಾಡಬಾರದಿತ್ತು. ಇದು ಕ್ಷುಲ್ಲಕ ಹೇಳಿಕೆ’ ಎಂದು ಟೀಕಿಸಿದರು. ‘ರಾಜಕೀಯವಾಗಿ ಈ ರೀತಿಯ ಕ್ಷುಲ್ಲಕ ಹೇಳಿಕೆ ಬೇಸರ ತರಿಸಿದೆ. ಇಬ್ಬರೂ ಸಾಹಿತ್ಯ ಲೋಕದ ದಿಗ್ಗಜರು’ ಎಂದರು.
